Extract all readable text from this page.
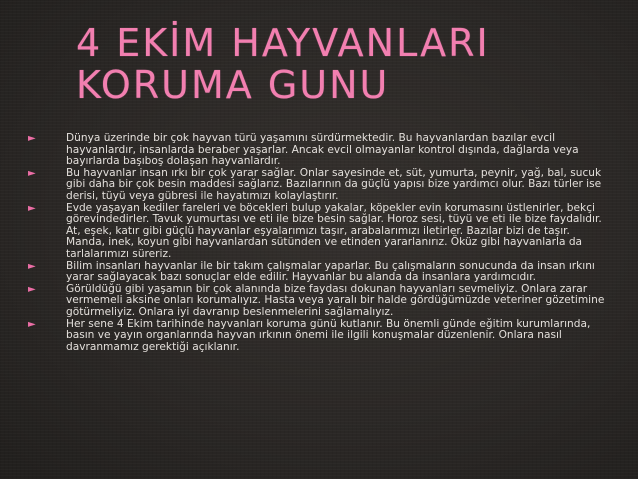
4 EKİM HAYVANLARI
KORUMA GUNU
►	Dünya üzerinde bir çok hayvan türü yaşamını sürdürmektedir. Bu hayvanlardan bazılar evcil hayvanlardır, insanlarda beraber yaşarlar. Ancak evcil olmayanlar kontrol dışında, dağlarda veya bayırlarda başıboş dolaşan hayvanlardır.
►	Bu hayvanlar insan ırkı bir çok yarar sağlar. Onlar sayesinde et, süt, yumurta, peynir, yağ, bal, sucuk gibi daha bir çok besin maddesi sağlarız. Bazılarının da güçlü yapısı bize yardımcı olur. Bazı türler ise derisi, tüyü veya gübresi ile hayatımızı kolaylaştırır.
►	Evde yaşayan kediler fareleri ve böcekleri bulup yakalar, köpekler evin korumasını üstlenirler, bekçi görevindedirler. Tavuk yumurtası ve eti ile bize besin sağlar. Horoz sesi, tüyü ve eti ile bize faydalıdır. At, eşek, katır gibi güçlü hayvanlar eşyalarımızı taşır, arabalarımızı iletirler. Bazılar bizi de taşır. Manda, inek, koyun gibi hayvanlardan sütünden ve etinden yararlanırız. Öküz gibi hayvanlarla da tarlalarımızı süreriz.
►	Bilim insanları hayvanlar ile bir takım çalışmalar yaparlar. Bu çalışmaların sonucunda da insan ırkını yarar sağlayacak bazı sonuçlar elde edilir. Hayvanlar bu alanda da insanlara yardımcıdır.
►	Görüldüğü gibi yaşamın bir çok alanında bize faydası dokunan hayvanları sevmeliyiz. Onlara zarar vermemeli aksine onları korumalıyız. Hasta veya yaralı bir halde gördüğümüzde veteriner gözetimine götürmeliyiz. Onlara iyi davranıp beslenmelerini sağlamalıyız.
►	Her sene 4 Ekim tarihinde hayvanları koruma günü kutlanır. Bu önemli günde eğitim kurumlarında, basın ve yayın organlarında hayvan ırkının önemi ile ilgili konuşmalar düzenlenir. Onlara nasıl davranmamız gerektiği açıklanır.
